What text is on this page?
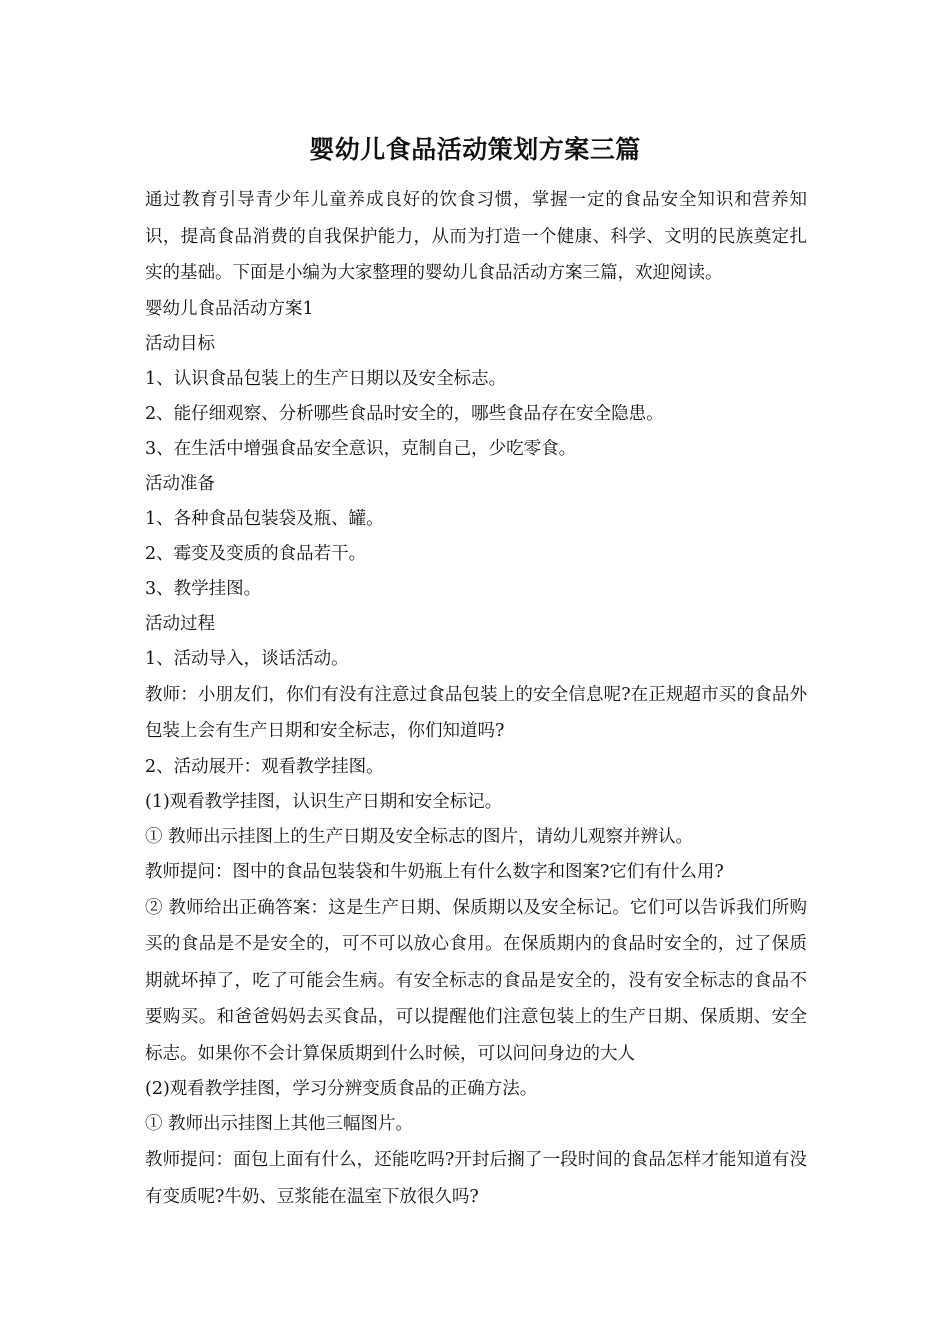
婴幼儿食品活动策划方案三篇
通过教育引导青少年儿童养成良好的饮食习惯，掌握一定的食品安全知识和营养知识，提高食品消费的自我保护能力，从而为打造一个健康、科学、文明的民族奠定扎实的基础。下面是小编为大家整理的婴幼儿食品活动方案三篇，欢迎阅读。
婴幼儿食品活动方案1
活动目标
1、认识食品包装上的生产日期以及安全标志。
2、能仔细观察、分析哪些食品时安全的，哪些食品存在安全隐患。
3、在生活中增强食品安全意识，克制自己，少吃零食。
活动准备
1、各种食品包装袋及瓶、罐。
2、霉变及变质的食品若干。
3、教学挂图。
活动过程
1、活动导入，谈话活动。
教师：小朋友们，你们有没有注意过食品包装上的安全信息呢?在正规超市买的食品外包装上会有生产日期和安全标志，你们知道吗?
2、活动展开：观看教学挂图。
(1)观看教学挂图，认识生产日期和安全标记。
① 教师出示挂图上的生产日期及安全标志的图片，请幼儿观察并辨认。
教师提问：图中的食品包装袋和牛奶瓶上有什么数字和图案?它们有什么用?
② 教师给出正确答案：这是生产日期、保质期以及安全标记。它们可以告诉我们所购买的食品是不是安全的，可不可以放心食用。在保质期内的食品时安全的，过了保质期就坏掉了，吃了可能会生病。有安全标志的食品是安全的，没有安全标志的食品不要购买。和爸爸妈妈去买食品，可以提醒他们注意包装上的生产日期、保质期、安全标志。如果你不会计算保质期到什么时候，可以问问身边的大人
(2)观看教学挂图，学习分辨变质食品的正确方法。
① 教师出示挂图上其他三幅图片。
教师提问：面包上面有什么，还能吃吗?开封后搁了一段时间的食品怎样才能知道有没有变质呢?牛奶、豆浆能在温室下放很久吗?
